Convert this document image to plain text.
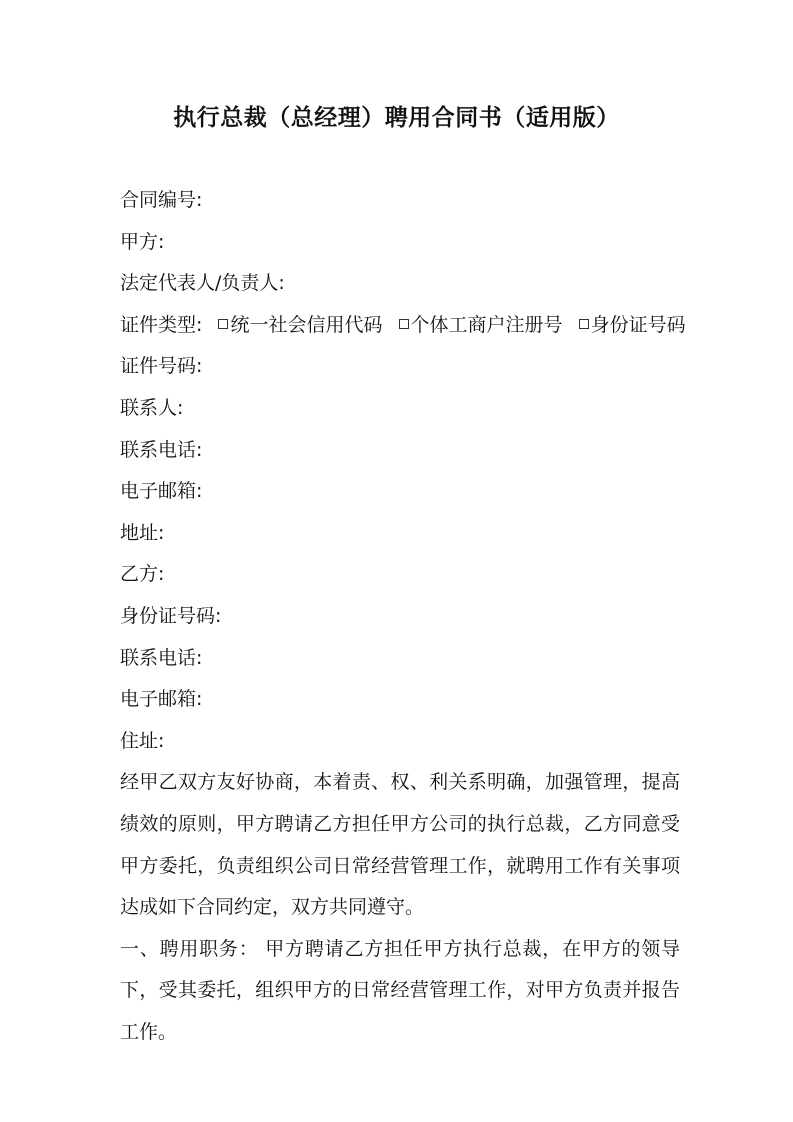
执行总裁（总经理）聘用合同书（适用版）
合同编号:
甲方:
法定代表人/负责人:
证件类型: 统一社会信用代码 个体工商户注册号 身份证号码
证件号码:
联系人:
联系电话:
电子邮箱:
地址:
乙方:
身份证号码:
联系电话:
电子邮箱:
住址:

经甲乙双方友好协商，本着责、权、利关系明确，加强管理，提高绩效的原则，甲方聘请乙方担任甲方公司的执行总裁，乙方同意受甲方委托，负责组织公司日常经营管理工作，就聘用工作有关事项达成如下合同约定，双方共同遵守。

一、聘用职务： 甲方聘请乙方担任甲方执行总裁，在甲方的领导下，受其委托，组织甲方的日常经营管理工作，对甲方负责并报告工作。
